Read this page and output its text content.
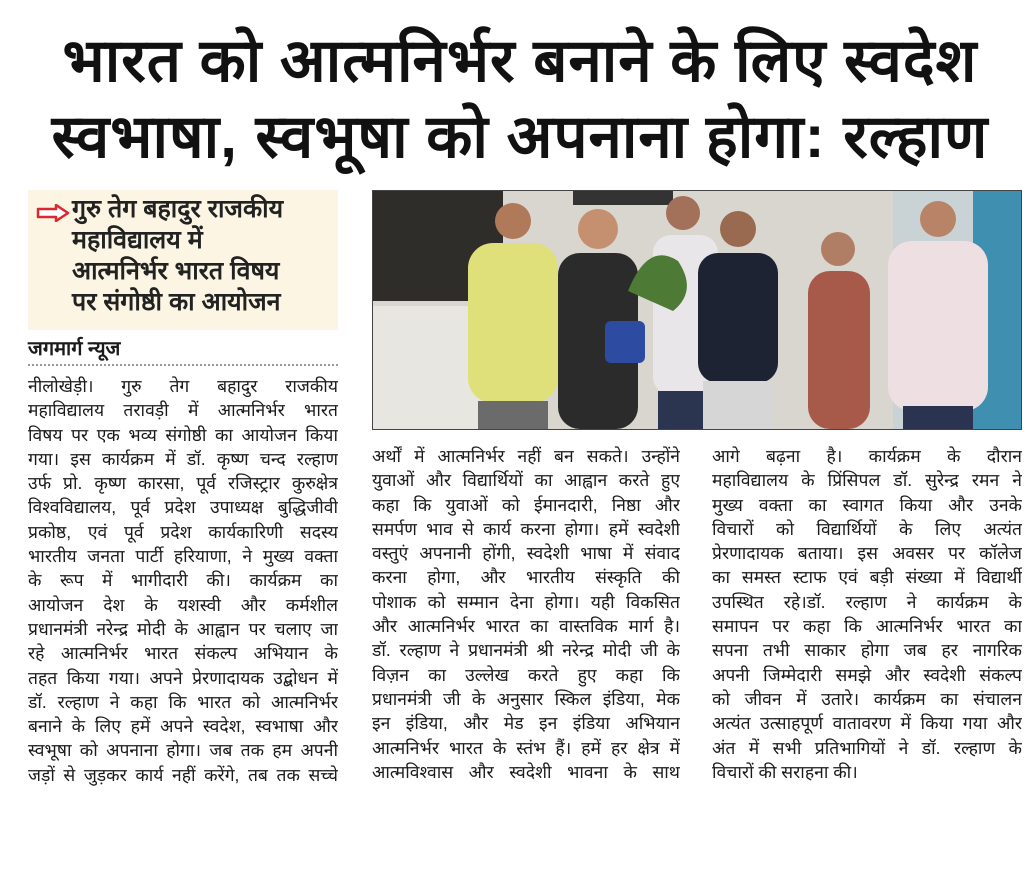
भारत को आत्मनिर्भर बनाने के लिए स्वदेश
स्वभाषा, स्वभूषा को अपनाना होगा: रल्हाण
गुरु तेग बहादुर राजकीय
महाविद्यालय में
आत्मनिर्भर भारत विषय
पर संगोष्ठी का आयोजन
जगमार्ग न्यूज
नीलोखेड़ी। गुरु तेग बहादुर राजकीय
महाविद्यालय तरावड़ी में आत्मनिर्भर भारत
विषय पर एक भव्य संगोष्ठी का आयोजन किया
गया। इस कार्यक्रम में डॉ. कृष्ण चन्द रल्हाण
उर्फ प्रो. कृष्ण कारसा, पूर्व रजिस्ट्रार कुरुक्षेत्र
विश्वविद्यालय, पूर्व प्रदेश उपाध्यक्ष बुद्धिजीवी
प्रकोष्ठ, एवं पूर्व प्रदेश कार्यकारिणी सदस्य
भारतीय जनता पार्टी हरियाणा, ने मुख्य वक्ता
के रूप में भागीदारी की। कार्यक्रम का
आयोजन देश के यशस्वी और कर्मशील
प्रधानमंत्री नरेन्द्र मोदी के आह्वान पर चलाए जा
रहे आत्मनिर्भर भारत संकल्प अभियान के
तहत किया गया। अपने प्रेरणादायक उद्बोधन में
डॉ. रल्हाण ने कहा कि भारत को आत्मनिर्भर
बनाने के लिए हमें अपने स्वदेश, स्वभाषा और
स्वभूषा को अपनाना होगा। जब तक हम अपनी
जड़ों से जुड़कर कार्य नहीं करेंगे, तब तक सच्चे
अर्थों में आत्मनिर्भर नहीं बन सकते। उन्होंने
युवाओं और विद्यार्थियों का आह्वान करते हुए
कहा कि युवाओं को ईमानदारी, निष्ठा और
समर्पण भाव से कार्य करना होगा। हमें स्वदेशी
वस्तुएं अपनानी होंगी, स्वदेशी भाषा में संवाद
करना होगा, और भारतीय संस्कृति की
पोशाक को सम्मान देना होगा। यही विकसित
और आत्मनिर्भर भारत का वास्तविक मार्ग है।
डॉ. रल्हाण ने प्रधानमंत्री श्री नरेन्द्र मोदी जी के
विज़न का उल्लेख करते हुए कहा कि
प्रधानमंत्री जी के अनुसार स्किल इंडिया, मेक
इन इंडिया, और मेड इन इंडिया अभियान
आत्मनिर्भर भारत के स्तंभ हैं। हमें हर क्षेत्र में
आत्मविश्वास और स्वदेशी भावना के साथ
आगे बढ़ना है। कार्यक्रम के दौरान
महाविद्यालय के प्रिंसिपल डॉ. सुरेन्द्र रमन ने
मुख्य वक्ता का स्वागत किया और उनके
विचारों को विद्यार्थियों के लिए अत्यंत
प्रेरणादायक बताया। इस अवसर पर कॉलेज
का समस्त स्टाफ एवं बड़ी संख्या में विद्यार्थी
उपस्थित रहे।डॉ. रल्हाण ने कार्यक्रम के
समापन पर कहा कि आत्मनिर्भर भारत का
सपना तभी साकार होगा जब हर नागरिक
अपनी जिम्मेदारी समझे और स्वदेशी संकल्प
को जीवन में उतारे। कार्यक्रम का संचालन
अत्यंत उत्साहपूर्ण वातावरण में किया गया और
अंत में सभी प्रतिभागियों ने डॉ. रल्हाण के
विचारों की सराहना की।
